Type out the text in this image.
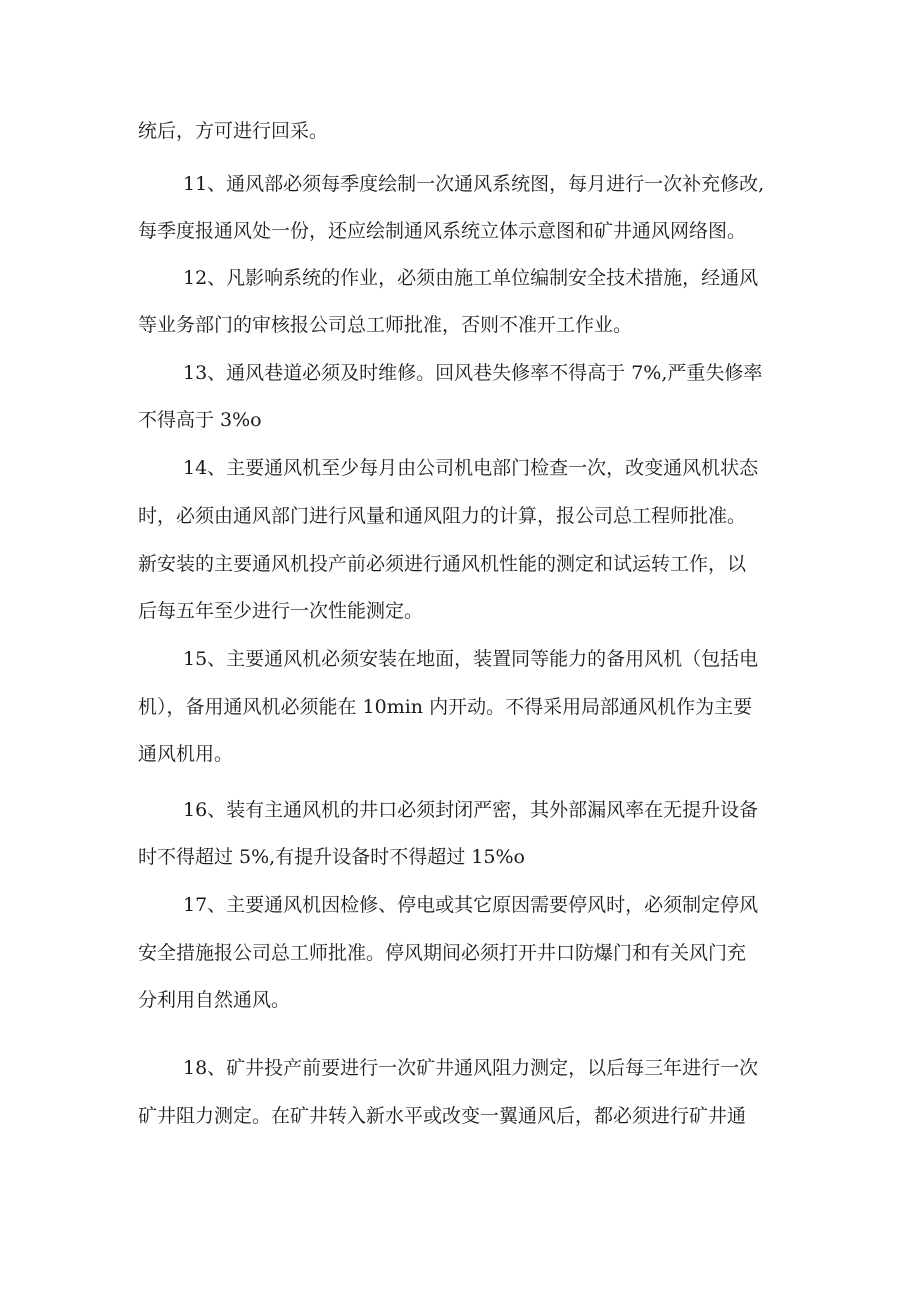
统后，方可进行回采。
11、通风部必须每季度绘制一次通风系统图，每月进行一次补充修改,
每季度报通风处一份，还应绘制通风系统立体示意图和矿井通风网络图。
12、凡影响系统的作业，必须由施工单位编制安全技术措施，经通风
等业务部门的审核报公司总工师批准，否则不准开工作业。
13、通风巷道必须及时维修。回风巷失修率不得高于 7%,严重失修率
不得高于 3%o
14、主要通风机至少每月由公司机电部门检查一次，改变通风机状态
时，必须由通风部门进行风量和通风阻力的计算，报公司总工程师批准。
新安装的主要通风机投产前必须进行通风机性能的测定和试运转工作，以
后每五年至少进行一次性能测定。
15、主要通风机必须安装在地面，装置同等能力的备用风机（包括电
机），备用通风机必须能在 10min 内开动。不得采用局部通风机作为主要
通风机用。
16、装有主通风机的井口必须封闭严密，其外部漏风率在无提升设备
时不得超过 5%,有提升设备时不得超过 15%o
17、主要通风机因检修、停电或其它原因需要停风时，必须制定停风
安全措施报公司总工师批准。停风期间必须打开井口防爆门和有关风门充
分利用自然通风。
18、矿井投产前要进行一次矿井通风阻力测定，以后每三年进行一次
矿井阻力测定。在矿井转入新水平或改变一翼通风后，都必须进行矿井通
